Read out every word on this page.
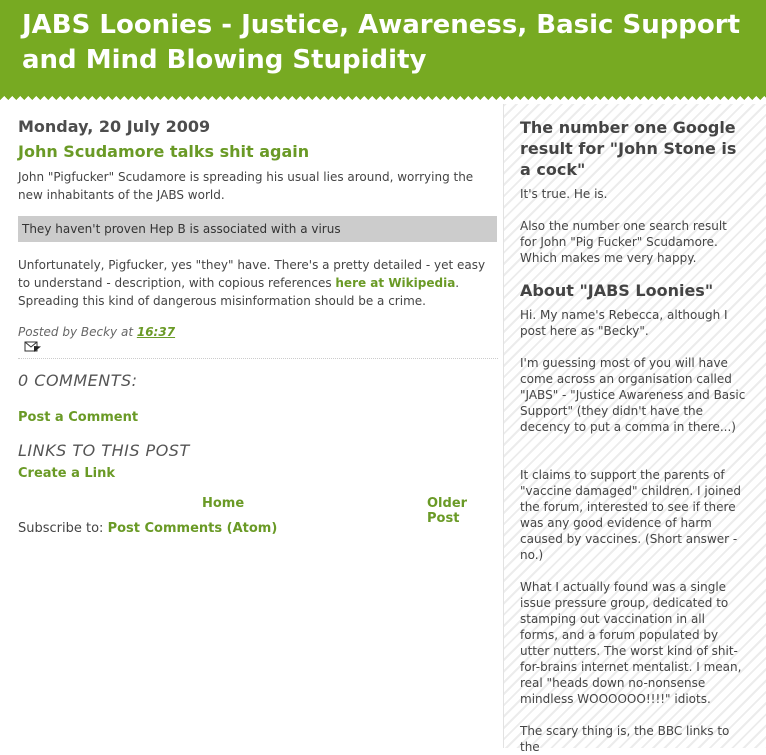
JABS Loonies - Justice, Awareness, Basic Support and Mind Blowing Stupidity
Monday, 20 July 2009
John Scudamore talks shit again

John "Pigfucker" Scudamore is spreading his usual lies around, worrying the new inhabitants of the JABS world.

They haven't proven Hep B is associated with a virus

Unfortunately, Pigfucker, yes "they" have. There's a pretty detailed - yet easy to understand - description, with copious references here at Wikipedia. Spreading this kind of dangerous misinformation should be a crime.

Posted by Becky at 16:37
0 COMMENTS:
Post a Comment
LINKS TO THIS POST
Create a Link
Home	Older Post
Subscribe to: Post Comments (Atom)
The number one Google result for "John Stone is a cock"

It's true. He is.

Also the number one search result for John "Pig Fucker" Scudamore. Which makes me very happy.

About "JABS Loonies"

Hi. My name's Rebecca, although I post here as "Becky".

I'm guessing most of you will have come across an organisation called "JABS" - "Justice Awareness and Basic Support" (they didn't have the decency to put a comma in there...)

It claims to support the parents of "vaccine damaged" children. I joined the forum, interested to see if there was any good evidence of harm caused by vaccines. (Short answer - no.)

What I actually found was a single issue pressure group, dedicated to stamping out vaccination in all forms, and a forum populated by utter nutters. The worst kind of shit-for-brains internet mentalist. I mean, real "heads down no-nonsense mindless WOOOOOO!!!!" idiots.

The scary thing is, the BBC links to the
